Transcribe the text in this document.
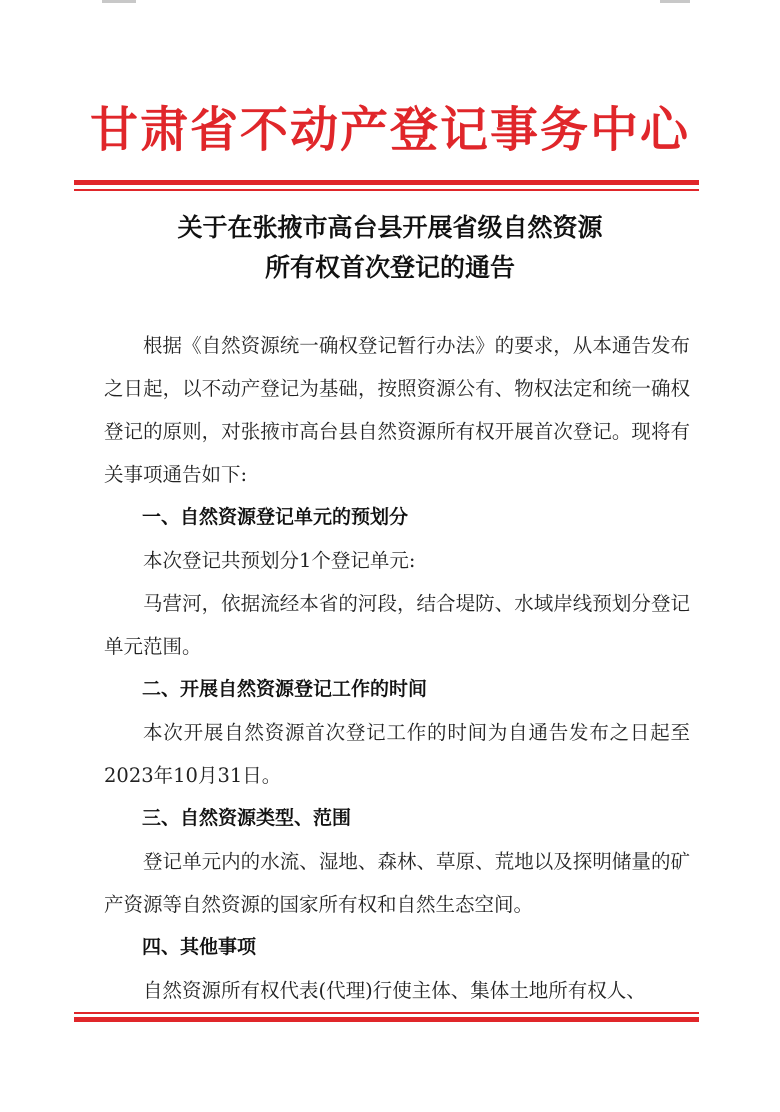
甘肃省不动产登记事务中心
关于在张掖市高台县开展省级自然资源
所有权首次登记的通告

根据《自然资源统一确权登记暂行办法》的要求，从本通告发布之日起，以不动产登记为基础，按照资源公有、物权法定和统一确权登记的原则，对张掖市高台县自然资源所有权开展首次登记。现将有关事项通告如下:

一、自然资源登记单元的预划分

本次登记共预划分1个登记单元:

马营河，依据流经本省的河段，结合堤防、水域岸线预划分登记单元范围。

二、开展自然资源登记工作的时间

本次开展自然资源首次登记工作的时间为自通告发布之日起至2023年10月31日。

三、自然资源类型、范围

登记单元内的水流、湿地、森林、草原、荒地以及探明储量的矿产资源等自然资源的国家所有权和自然生态空间。

四、其他事项

自然资源所有权代表(代理)行使主体、集体土地所有权人、
